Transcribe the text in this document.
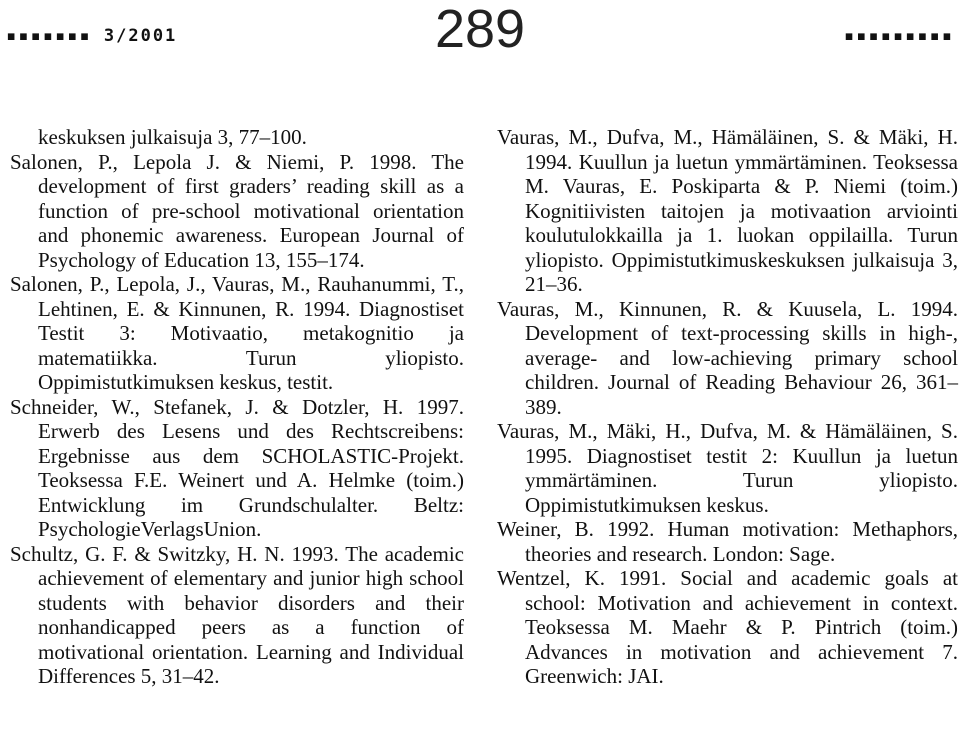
▪▪▪▪▪▪▪ 3/2001	289	▪▪▪▪▪▪▪▪▪

keskuksen julkaisuja 3, 77–100.

Salonen, P., Lepola J. & Niemi, P. 1998. The development of first graders’ reading skill as a function of pre-school motivational orientation and phonemic awareness. European Journal of Psychology of Education 13, 155–174.

Salonen, P., Lepola, J., Vauras, M., Rauhanummi, T., Lehtinen, E. & Kinnunen, R. 1994. Diagnostiset Testit 3: Motivaatio, metakognitio ja matematiikka. Turun yliopisto. Oppimistutkimuksen keskus, testit.

Schneider, W., Stefanek, J. & Dotzler, H. 1997. Erwerb des Lesens und des Rechtscreibens: Ergebnisse aus dem SCHOLASTIC-Projekt. Teoksessa F.E. Weinert und A. Helmke (toim.) Entwicklung im Grundschulalter. Beltz: PsychologieVerlagsUnion.

Schultz, G. F. & Switzky, H. N. 1993. The academic achievement of elementary and junior high school students with behavior disorders and their nonhandicapped peers as a function of motivational orientation. Learning and Individual Differences 5, 31–42.

Vauras, M., Dufva, M., Hämäläinen, S. & Mäki, H. 1994. Kuullun ja luetun ymmärtäminen. Teoksessa M. Vauras, E. Poskiparta & P. Niemi (toim.) Kognitiivisten taitojen ja motivaation arviointi koulutulokkailla ja 1. luokan oppilailla. Turun yliopisto. Oppimistutkimuskeskuksen julkaisuja 3, 21–36.

Vauras, M., Kinnunen, R. & Kuusela, L. 1994. Development of text-processing skills in high-, average- and low-achieving primary school children. Journal of Reading Behaviour 26, 361–389.

Vauras, M., Mäki, H., Dufva, M. & Hämäläinen, S. 1995. Diagnostiset testit 2: Kuullun ja luetun ymmärtäminen. Turun yliopisto. Oppimistutkimuksen keskus.

Weiner, B. 1992. Human motivation: Methaphors, theories and research. London: Sage.

Wentzel, K. 1991. Social and academic goals at school: Motivation and achievement in context. Teoksessa M. Maehr & P. Pintrich (toim.) Advances in motivation and achievement 7. Greenwich: JAI.
